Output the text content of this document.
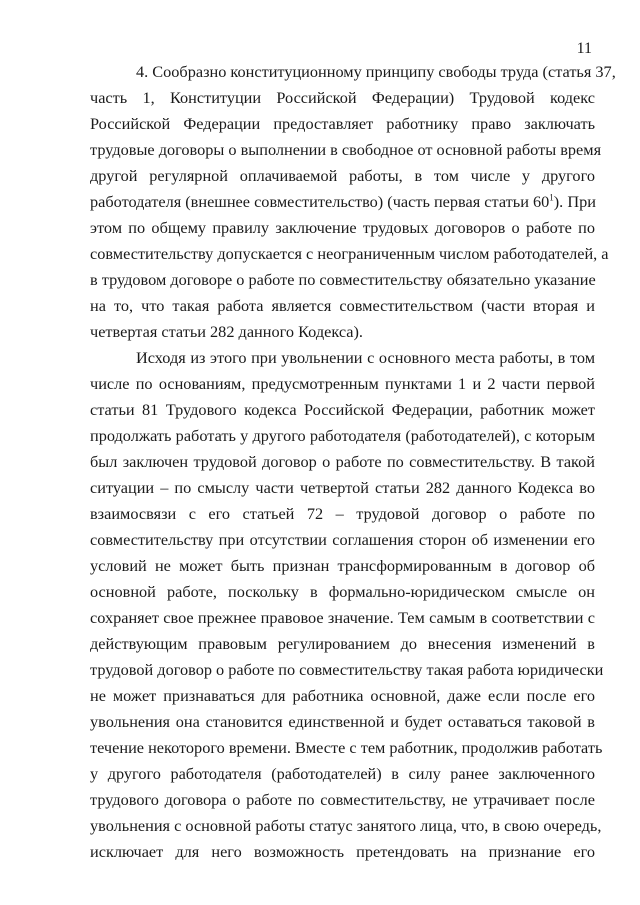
11
4. Сообразно конституционному принципу свободы труда (статья 37,
часть 1, Конституции Российской Федерации) Трудовой кодекс
Российской Федерации предоставляет работнику право заключать
трудовые договоры о выполнении в свободное от основной работы время
другой регулярной оплачиваемой работы, в том числе у другого
работодателя (внешнее совместительство) (часть первая статьи $60^1$). При
этом по общему правилу заключение трудовых договоров о работе по
совместительству допускается с неограниченным числом работодателей, а
в трудовом договоре о работе по совместительству обязательно указание
на то, что такая работа является совместительством (части вторая и
четвертая статьи 282 данного Кодекса).
Исходя из этого при увольнении с основного места работы, в том
числе по основаниям, предусмотренным пунктами 1 и 2 части первой
статьи 81 Трудового кодекса Российской Федерации, работник может
продолжать работать у другого работодателя (работодателей), с которым
был заключен трудовой договор о работе по совместительству. В такой
ситуации – по смыслу части четвертой статьи 282 данного Кодекса во
взаимосвязи с его статьей 72 – трудовой договор о работе по
совместительству при отсутствии соглашения сторон об изменении его
условий не может быть признан трансформированным в договор об
основной работе, поскольку в формально-юридическом смысле он
сохраняет свое прежнее правовое значение. Тем самым в соответствии с
действующим правовым регулированием до внесения изменений в
трудовой договор о работе по совместительству такая работа юридически
не может признаваться для работника основной, даже если после его
увольнения она становится единственной и будет оставаться таковой в
течение некоторого времени. Вместе с тем работник, продолжив работать
у другого работодателя (работодателей) в силу ранее заключенного
трудового договора о работе по совместительству, не утрачивает после
увольнения с основной работы статус занятого лица, что, в свою очередь,
исключает для него возможность претендовать на признание его
